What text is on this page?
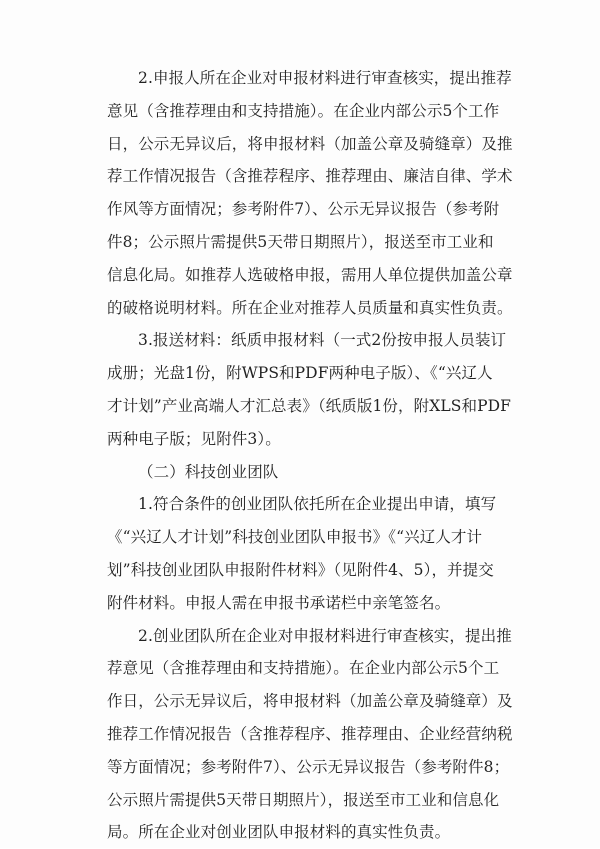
2.申报人所在企业对申报材料进行审查核实，提出推荐
意见（含推荐理由和支持措施）。在企业内部公示5个工作
日，公示无异议后，将申报材料（加盖公章及骑缝章）及推
荐工作情况报告（含推荐程序、推荐理由、廉洁自律、学术
作风等方面情况；参考附件7）、公示无异议报告（参考附
件8；公示照片需提供5天带日期照片），报送至市工业和
信息化局。如推荐人选破格申报，需用人单位提供加盖公章
的破格说明材料。所在企业对推荐人员质量和真实性负责。
3.报送材料：纸质申报材料（一式2份按申报人员装订
成册；光盘1份，附WPS和PDF两种电子版）、《“兴辽人
才计划”产业高端人才汇总表》（纸质版1份，附XLS和PDF
两种电子版；见附件3）。
（二）科技创业团队
1.符合条件的创业团队依托所在企业提出申请，填写
《“兴辽人才计划”科技创业团队申报书》《“兴辽人才计
划”科技创业团队申报附件材料》（见附件4、5），并提交
附件材料。申报人需在申报书承诺栏中亲笔签名。
2.创业团队所在企业对申报材料进行审查核实，提出推
荐意见（含推荐理由和支持措施）。在企业内部公示5个工
作日，公示无异议后，将申报材料（加盖公章及骑缝章）及
推荐工作情况报告（含推荐程序、推荐理由、企业经营纳税
等方面情况；参考附件7）、公示无异议报告（参考附件8；
公示照片需提供5天带日期照片），报送至市工业和信息化
局。所在企业对创业团队申报材料的真实性负责。
